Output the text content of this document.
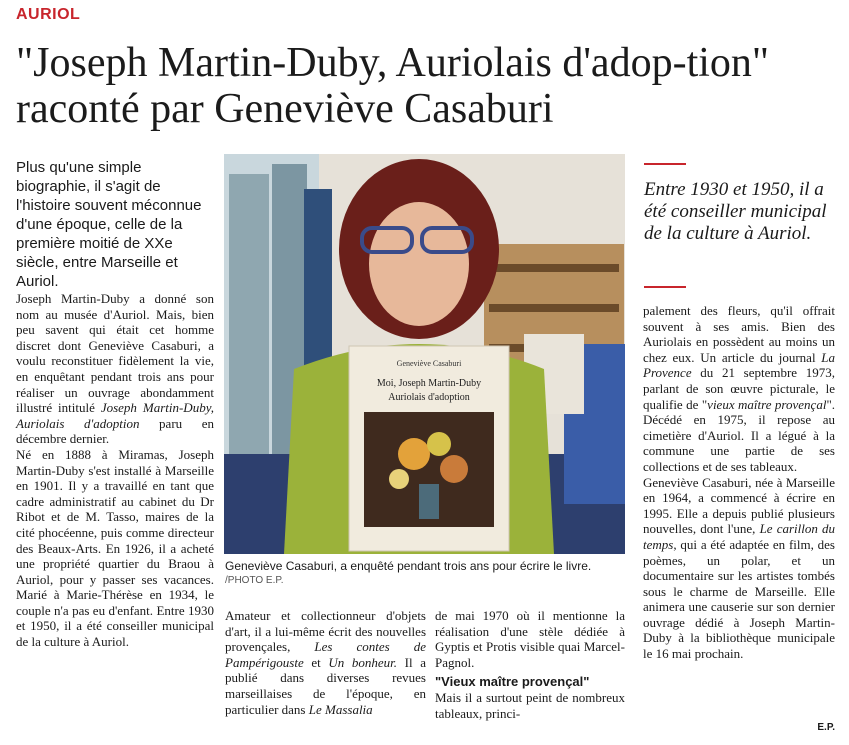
AURIOL
"Joseph Martin-Duby, Auriolais d'adop-tion" raconté par Geneviève Casaburi
Plus qu'une simple biographie, il s'agit de l'histoire souvent méconnue d'une époque, celle de la première moitié de XXe siècle, entre Marseille et Auriol.

Joseph Martin-Duby a donné son nom au musée d'Auriol. Mais, bien peu savent qui était cet homme discret dont Geneviève Casaburi, a voulu reconstituer fidèlement la vie, en enquêtant pendant trois ans pour réaliser un ouvrage abondamment illustré intitulé Joseph Martin-Duby, Auriolais d'adoption paru en décembre dernier.

Né en 1888 à Miramas, Joseph Martin-Duby s'est installé à Marseille en 1901. Il y a travaillé en tant que cadre administratif au cabinet du Dr Ribot et de M. Tasso, maires de la cité phocéenne, puis comme directeur des Beaux-Arts. En 1926, il a acheté une propriété quartier du Braou à Auriol, pour y passer ses vacances. Marié à Marie-Thérèse en 1934, le couple n'a pas eu d'enfant. Entre 1930 et 1950, il a été conseiller municipal de la culture à Auriol.

Geneviève Casaburi
Moi, Joseph Martin-Duby
Auriolais d'adoption
Geneviève Casaburi, a enquêté pendant trois ans pour écrire le livre.
/PHOTO E.P.
Entre 1930 et 1950, il a été conseiller municipal de la culture à Auriol.

Amateur et collectionneur d'objets d'art, il a lui-même écrit des nouvelles provençales, Les contes de Pampérigouste et Un bonheur. Il a publié dans diverses revues marseillaises de l'époque, en particulier dans Le Massalia

de mai 1970 où il mentionne la réalisation d'une stèle dédiée à Gyptis et Protis visible quai Marcel-Pagnol.

"Vieux maître provençal"

Mais il a surtout peint de nombreux tableaux, princi-

palement des fleurs, qu'il offrait souvent à ses amis. Bien des Auriolais en possèdent au moins un chez eux. Un article du journal La Provence du 21 septembre 1973, parlant de son œuvre picturale, le qualifie de "vieux maître provençal". Décédé en 1975, il repose au cimetière d'Auriol. Il a légué à la commune une partie de ses collections et de ses tableaux.

Geneviève Casaburi, née à Marseille en 1964, a commencé à écrire en 1995. Elle a depuis publié plusieurs nouvelles, dont l'une, Le carillon du temps, qui a été adaptée en film, des poèmes, un polar, et un documentaire sur les artistes tombés sous le charme de Marseille. Elle animera une causerie sur son dernier ouvrage dédié à Joseph Martin-Duby à la bibliothèque municipale le 16 mai prochain.

E.P.
